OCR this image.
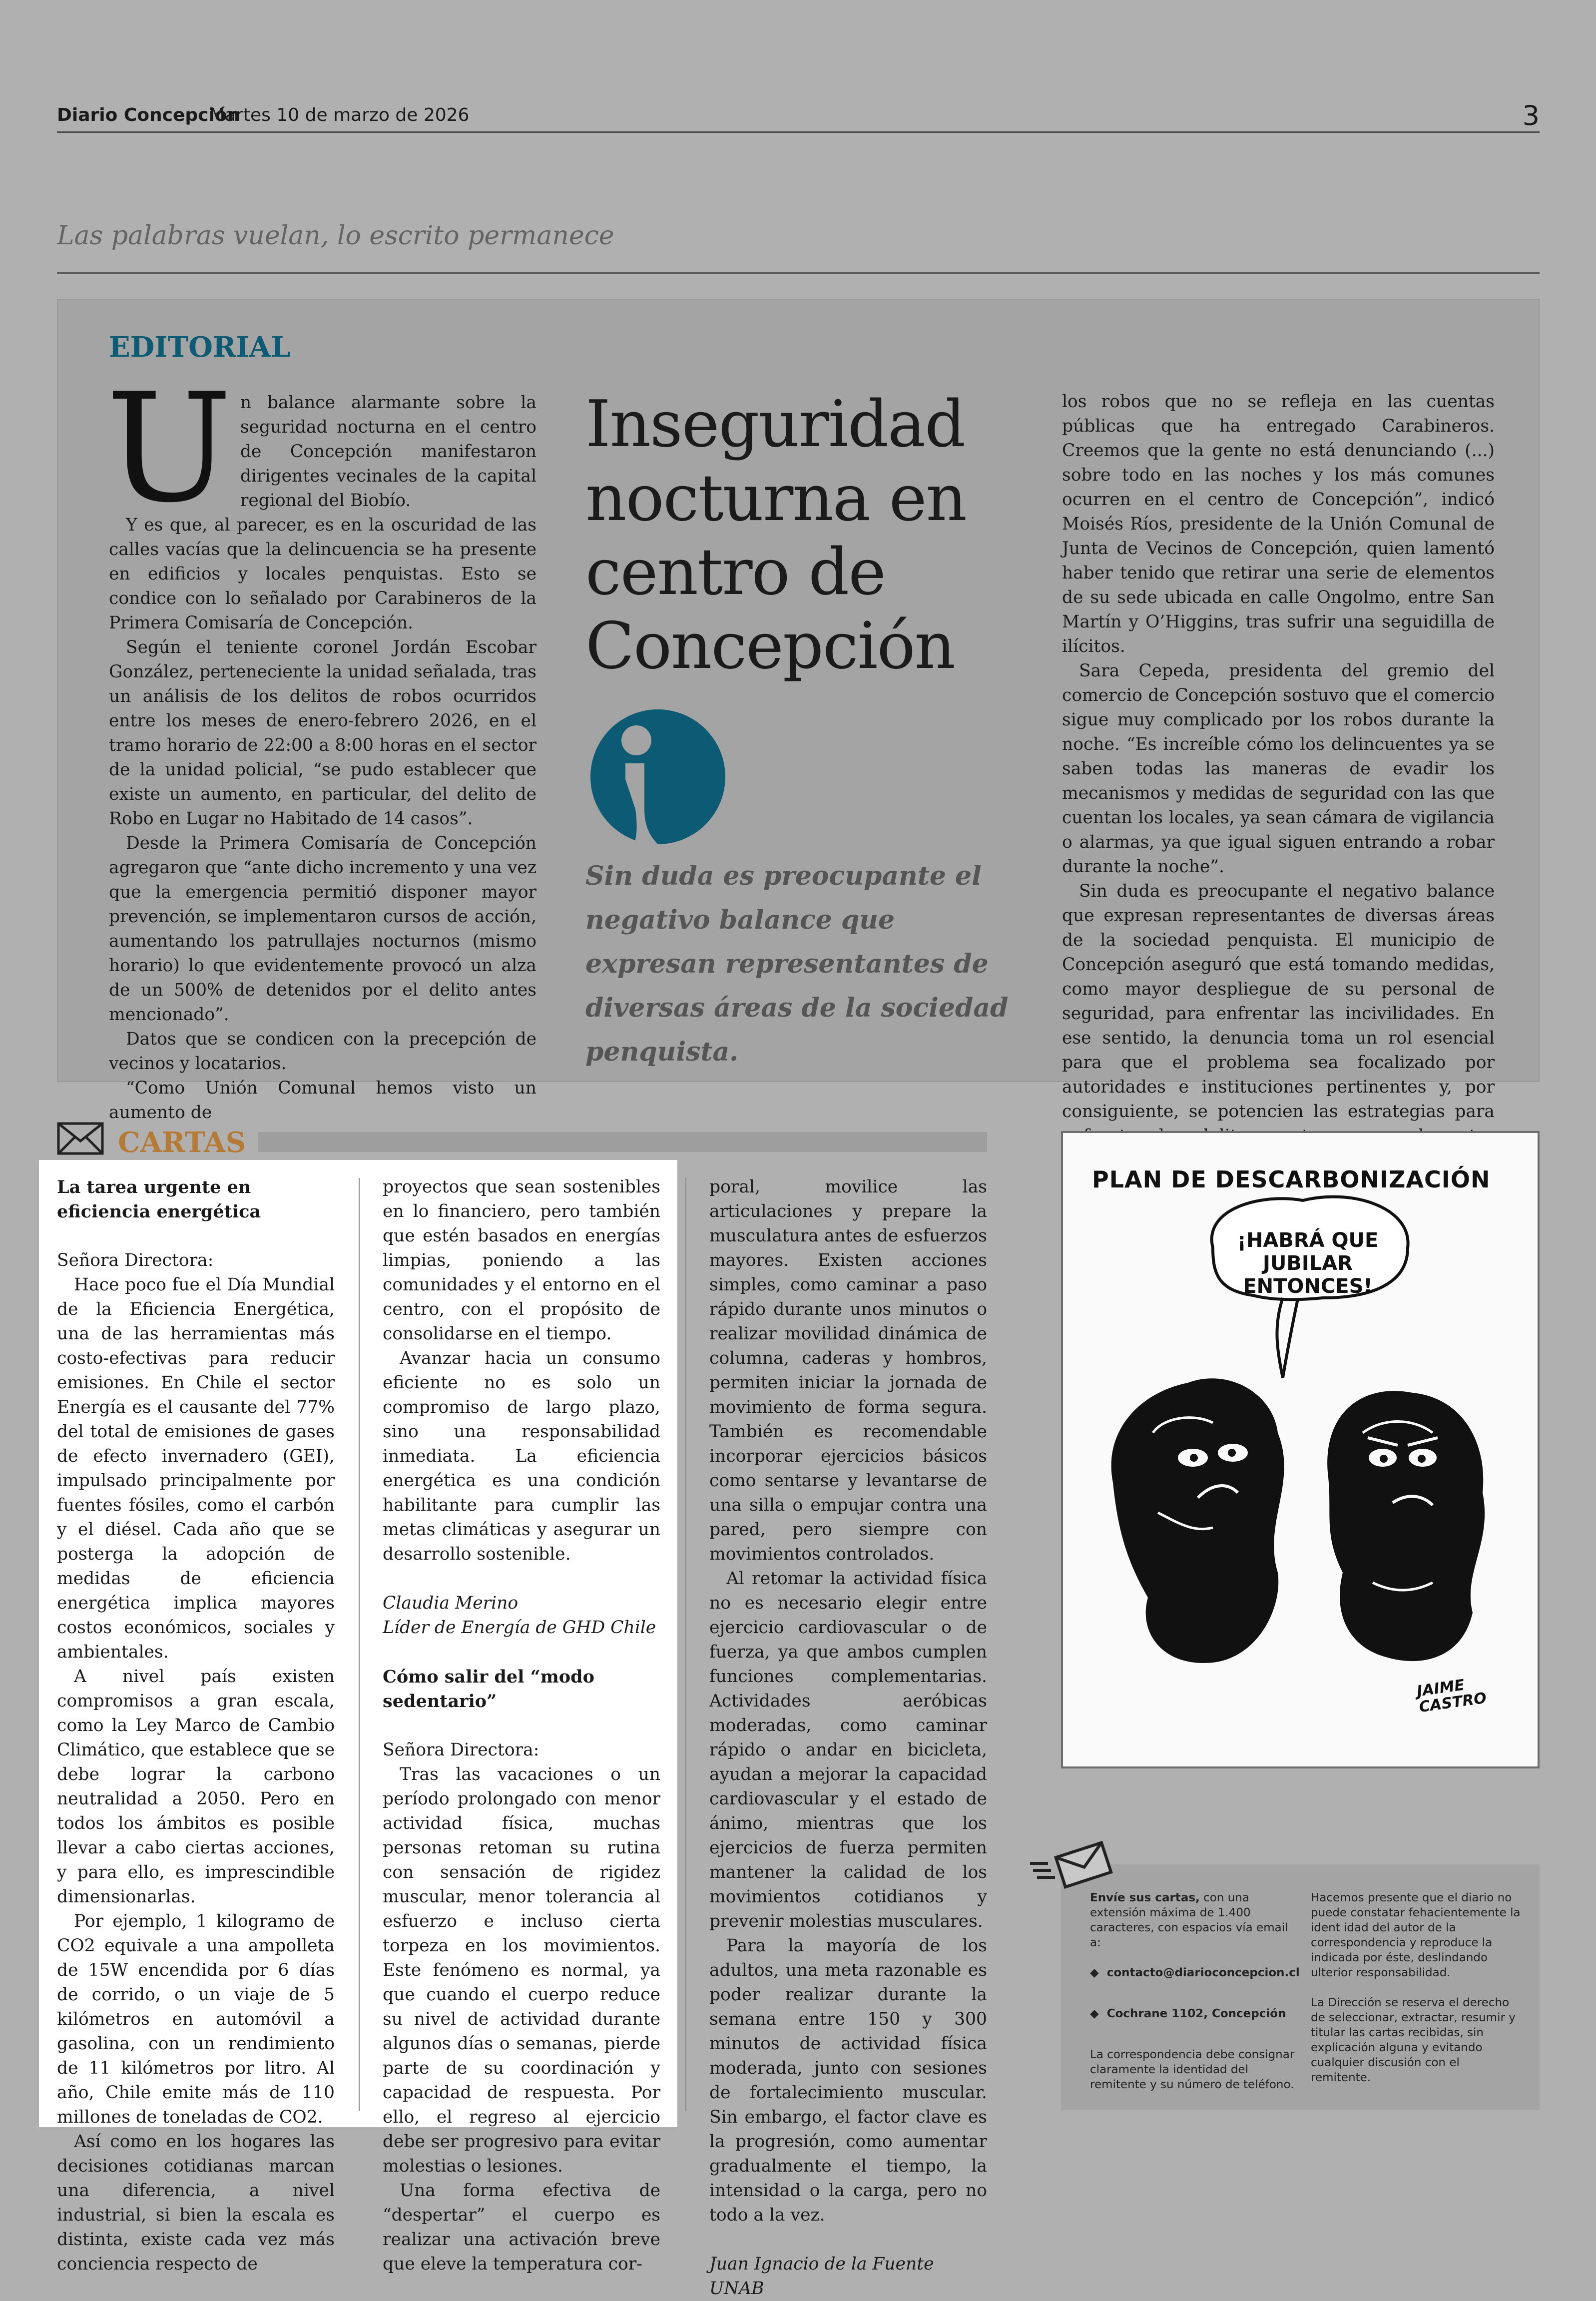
Diario Concepción
Martes 10 de marzo de 2026	3
Las palabras vuelan, lo escrito permanece
EDITORIAL

Un balance alarmante sobre la seguridad nocturna en el centro de Concepción manifestaron dirigentes vecinales de la capital regional del Biobío.

Y es que, al parecer, es en la oscuridad de las calles vacías que la delincuencia se ha presente en edificios y locales penquistas. Esto se condice con lo señalado por Carabineros de la Primera Comisaría de Concepción.

Según el teniente coronel Jordán Escobar González, perteneciente la unidad señalada, tras un análisis de los delitos de robos ocurridos entre los meses de enero-febrero 2026, en el tramo horario de 22:00 a 8:00 horas en el sector de la unidad policial, “se pudo establecer que existe un aumento, en particular, del delito de Robo en Lugar no Habitado de 14 casos”.

Desde la Primera Comisaría de Concepción agregaron que “ante dicho incremento y una vez que la emergencia permitió disponer mayor prevención, se implementaron cursos de acción, aumentando los patrullajes nocturnos (mismo horario) lo que evidentemente provocó un alza de un 500% de detenidos por el delito antes mencionado”.

Datos que se condicen con la precepción de vecinos y locatarios.

“Como Unión Comunal hemos visto un aumento de

Inseguridad nocturna en centro de Concepción
Sin duda es preocupante el negativo balance que expresan representantes de diversas áreas de la sociedad penquista.

los robos que no se refleja en las cuentas públicas que ha entregado Carabineros. Creemos que la gente no está denunciando (...) sobre todo en las noches y los más comunes ocurren en el centro de Concepción”, indicó Moisés Ríos, presidente de la Unión Comunal de Junta de Vecinos de Concepción, quien lamentó haber tenido que retirar una serie de elementos de su sede ubicada en calle Ongolmo, entre San Martín y O’Higgins, tras sufrir una seguidilla de ilícitos.

Sara Cepeda, presidenta del gremio del comercio de Concepción sostuvo que el comercio sigue muy complicado por los robos durante la noche. “Es increíble cómo los delincuentes ya se saben todas las maneras de evadir los mecanismos y medidas de seguridad con las que cuentan los locales, ya sean cámara de vigilancia o alarmas, ya que igual siguen entrando a robar durante la noche”.

Sin duda es preocupante el negativo balance que expresan representantes de diversas áreas de la sociedad penquista. El municipio de Concepción aseguró que está tomando medidas, como mayor despliegue de su personal de seguridad, para enfrentar las incivilidades. En ese sentido, la denuncia toma un rol esencial para que el problema sea focalizado por autoridades e instituciones pertinentes y, por consiguiente, se potencien las estrategias para

CARTAS
La tarea urgente en eficiencia energética

Señora Directora:

Hace poco fue el Día Mundial de la Eficiencia Energética, una de las herramientas más costo-efectivas para reducir emisiones. En Chile el sector Energía es el causante del 77% del total de emisiones de gases de efecto invernadero (GEI), impulsado principalmente por fuentes fósiles, como el carbón y el diésel. Cada año que se posterga la adopción de medidas de eficiencia energética implica mayores costos económicos, sociales y ambientales.

A nivel país existen compromisos a gran escala, como la Ley Marco de Cambio Climático, que establece que se debe lograr la carbono neutralidad a 2050. Pero en todos los ámbitos es posible llevar a cabo ciertas acciones, y para ello, es imprescindible dimensionarlas.

Por ejemplo, 1 kilogramo de CO2 equivale a una ampolleta de 15W encendida por 6 días de corrido, o un viaje de 5 kilómetros en automóvil a gasolina, con un rendimiento de 11 kilómetros por litro. Al año, Chile emite más de 110 millones de toneladas de CO2.

Así como en los hogares las decisiones cotidianas marcan una diferencia, a nivel industrial, si bien la escala es distinta, existe cada vez más conciencia respecto de

proyectos que sean sostenibles en lo financiero, pero también que estén basados en energías limpias, poniendo a las comunidades y el entorno en el centro, con el propósito de consolidarse en el tiempo.

Avanzar hacia un consumo eficiente no es solo un compromiso de largo plazo, sino una responsabilidad inmediata. La eficiencia energética es una condición habilitante para cumplir las metas climáticas y asegurar un desarrollo sostenible.

Claudia Merino

Líder de Energía de GHD Chile

Cómo salir del “modo sedentario”

Señora Directora:

Tras las vacaciones o un período prolongado con menor actividad física, muchas personas retoman su rutina con sensación de rigidez muscular, menor tolerancia al esfuerzo e incluso cierta torpeza en los movimientos. Este fenómeno es normal, ya que cuando el cuerpo reduce su nivel de actividad durante algunos días o semanas, pierde parte de su coordinación y capacidad de respuesta. Por ello, el regreso al ejercicio debe ser progresivo para evitar molestias o lesiones.

Una forma efectiva de “despertar” el cuerpo es realizar una activación breve que eleve la temperatura cor-

poral, movilice las articulaciones y prepare la musculatura antes de esfuerzos mayores. Existen acciones simples, como caminar a paso rápido durante unos minutos o realizar movilidad dinámica de columna, caderas y hombros, permiten iniciar la jornada de movimiento de forma segura. También es recomendable incorporar ejercicios básicos como sentarse y levantarse de una silla o empujar contra una pared, pero siempre con movimientos controlados.

Al retomar la actividad física no es necesario elegir entre ejercicio cardiovascular o de fuerza, ya que ambos cumplen funciones complementarias. Actividades aeróbicas moderadas, como caminar rápido o andar en bicicleta, ayudan a mejorar la capacidad cardiovascular y el estado de ánimo, mientras que los ejercicios de fuerza permiten mantener la calidad de los movimientos cotidianos y prevenir molestias musculares.

Para la mayoría de los adultos, una meta razonable es poder realizar durante la semana entre 150 y 300 minutos de actividad física moderada, junto con sesiones de fortalecimiento muscular. Sin embargo, el factor clave es la progresión, como aumentar gradualmente el tiempo, la intensidad o la carga, pero no todo a la vez.

Juan Ignacio de la Fuente

UNAB

PLAN DE DESCARBONIZACIÓN
¡HABRÁ QUE JUBILAR ENTONCES!
JAIME CASTRO

Envíe sus cartas, con una extensión máxima de 1.400 caracteres, con espacios vía email a:

◆  contacto@diarioconcepcion.cl

◆  Cochrane 1102, Concepción

La correspondencia debe consignar claramente la identidad del remitente y su número de teléfono.

Hacemos presente que el diario no puede constatar fehacientemente la ident idad del autor de la correspondencia y reproduce la indicada por éste, deslindando ulterior responsabilidad.

La Dirección se reserva el derecho de seleccionar, extractar, resumir y titular las cartas recibidas, sin explicación alguna y evitando cualquier discusión con el remitente.
